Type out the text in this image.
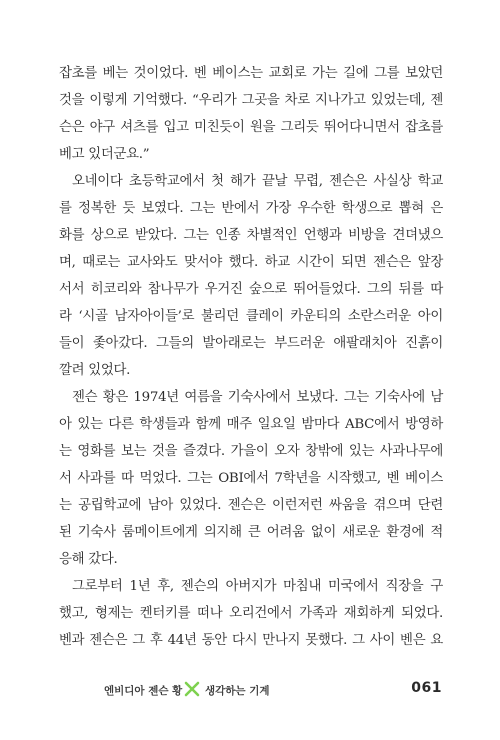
잡초를 베는 것이었다. 벤 베이스는 교회로 가는 길에 그를 보았던
것을 이렇게 기억했다. “우리가 그곳을 차로 지나가고 있었는데, 젠
슨은 야구 셔츠를 입고 미친듯이 원을 그리듯 뛰어다니면서 잡초를
베고 있더군요.”
오네이다 초등학교에서 첫 해가 끝날 무렵, 젠슨은 사실상 학교
를 정복한 듯 보였다. 그는 반에서 가장 우수한 학생으로 뽑혀 은
화를 상으로 받았다. 그는 인종 차별적인 언행과 비방을 견뎌냈으
며, 때로는 교사와도 맞서야 했다. 하교 시간이 되면 젠슨은 앞장
서서 히코리와 참나무가 우거진 숲으로 뛰어들었다. 그의 뒤를 따
라 ‘시골 남자아이들’로 불리던 클레이 카운티의 소란스러운 아이
들이 좇아갔다. 그들의 발아래로는 부드러운 애팔래치아 진흙이
깔려 있었다.
젠슨 황은 1974년 여름을 기숙사에서 보냈다. 그는 기숙사에 남
아 있는 다른 학생들과 함께 매주 일요일 밤마다 ABC에서 방영하
는 영화를 보는 것을 즐겼다. 가을이 오자 창밖에 있는 사과나무에
서 사과를 따 먹었다. 그는 OBI에서 7학년을 시작했고, 벤 베이스
는 공립학교에 남아 있었다. 젠슨은 이런저런 싸움을 겪으며 단련
된 기숙사 룸메이트에게 의지해 큰 어려움 없이 새로운 환경에 적
응해 갔다.
그로부터 1년 후, 젠슨의 아버지가 마침내 미국에서 직장을 구
했고, 형제는 켄터키를 떠나 오리건에서 가족과 재회하게 되었다.
벤과 젠슨은 그 후 44년 동안 다시 만나지 못했다. 그 사이 벤은 요
엔비디아 젠슨 황 생각하는 기계	061
